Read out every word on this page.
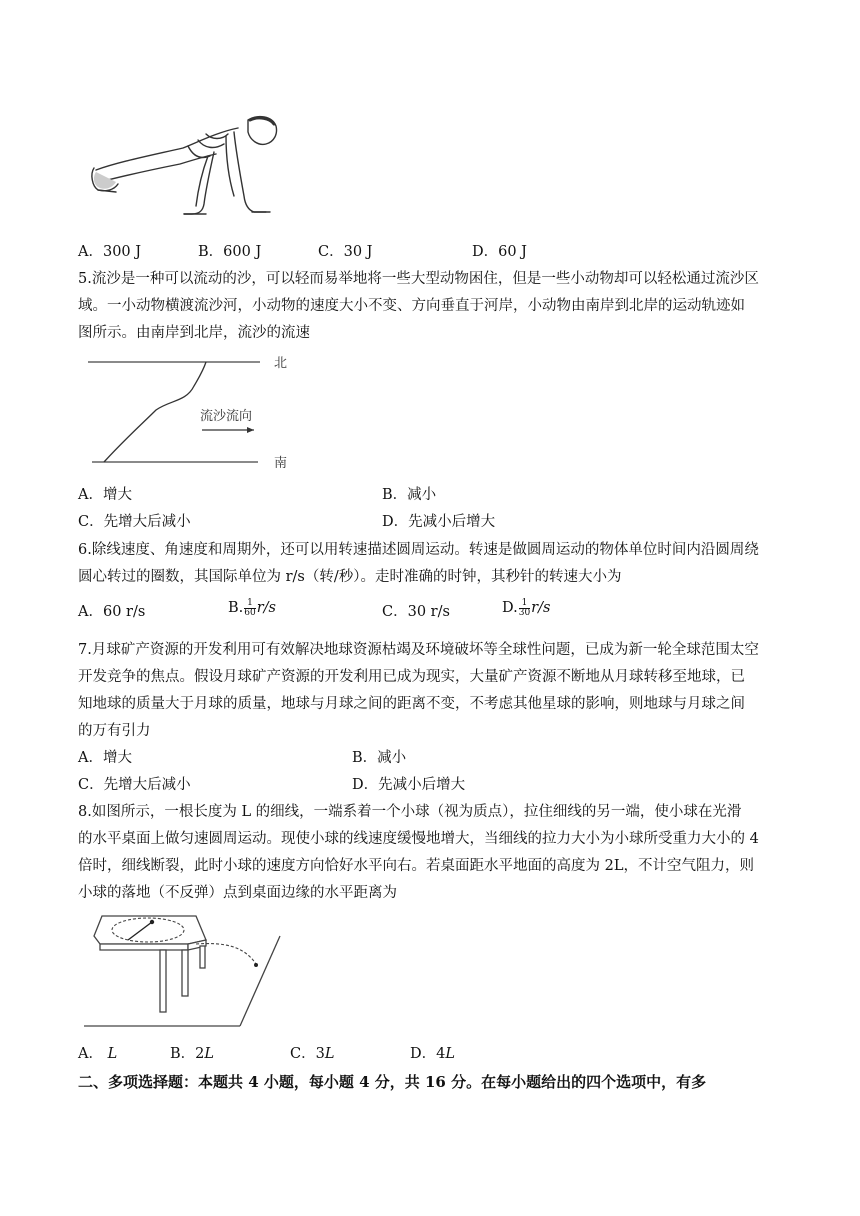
A．300 J	B．600 J	C．30 J	D．60 J
5.流沙是一种可以流动的沙，可以轻而易举地将一些大型动物困住，但是一些小动物却可以轻松通过流沙区
域。一小动物横渡流沙河，小动物的速度大小不变、方向垂直于河岸，小动物由南岸到北岸的运动轨迹如
图所示。由南岸到北岸，流沙的流速
北
南
流沙流向
A．增大	B．减小
C．先增大后减小	D．先减小后增大
6.除线速度、角速度和周期外，还可以用转速描述圆周运动。转速是做圆周运动的物体单位时间内沿圆周绕
圆心转过的圈数，其国际单位为 r/s（转/秒）。走时准确的时钟，其秒针的转速大小为
A．60 r/s	B. $\frac{1}{60} r/s$	C．30 r/s	D. $\frac{1}{30} r/s$
7.月球矿产资源的开发利用可有效解决地球资源枯竭及环境破坏等全球性问题，已成为新一轮全球范围太空
开发竞争的焦点。假设月球矿产资源的开发利用已成为现实，大量矿产资源不断地从月球转移至地球，已
知地球的质量大于月球的质量，地球与月球之间的距离不变，不考虑其他星球的影响，则地球与月球之间
的万有引力
A．增大	B．减小
C．先增大后减小	D．先减小后增大
8.如图所示，一根长度为 L 的细线，一端系着一个小球（视为质点），拉住细线的另一端，使小球在光滑
的水平桌面上做匀速圆周运动。现使小球的线速度缓慢地增大，当细线的拉力大小为小球所受重力大小的 4
倍时，细线断裂，此时小球的速度方向恰好水平向右。若桌面距水平地面的高度为 2L，不计空气阻力，则
小球的落地（不反弹）点到桌面边缘的水平距离为
A． L	B．2L	C．3L	D．4L
二、多项选择题：本题共 4 小题，每小题 4 分，共 16 分。在每小题给出的四个选项中，有多
